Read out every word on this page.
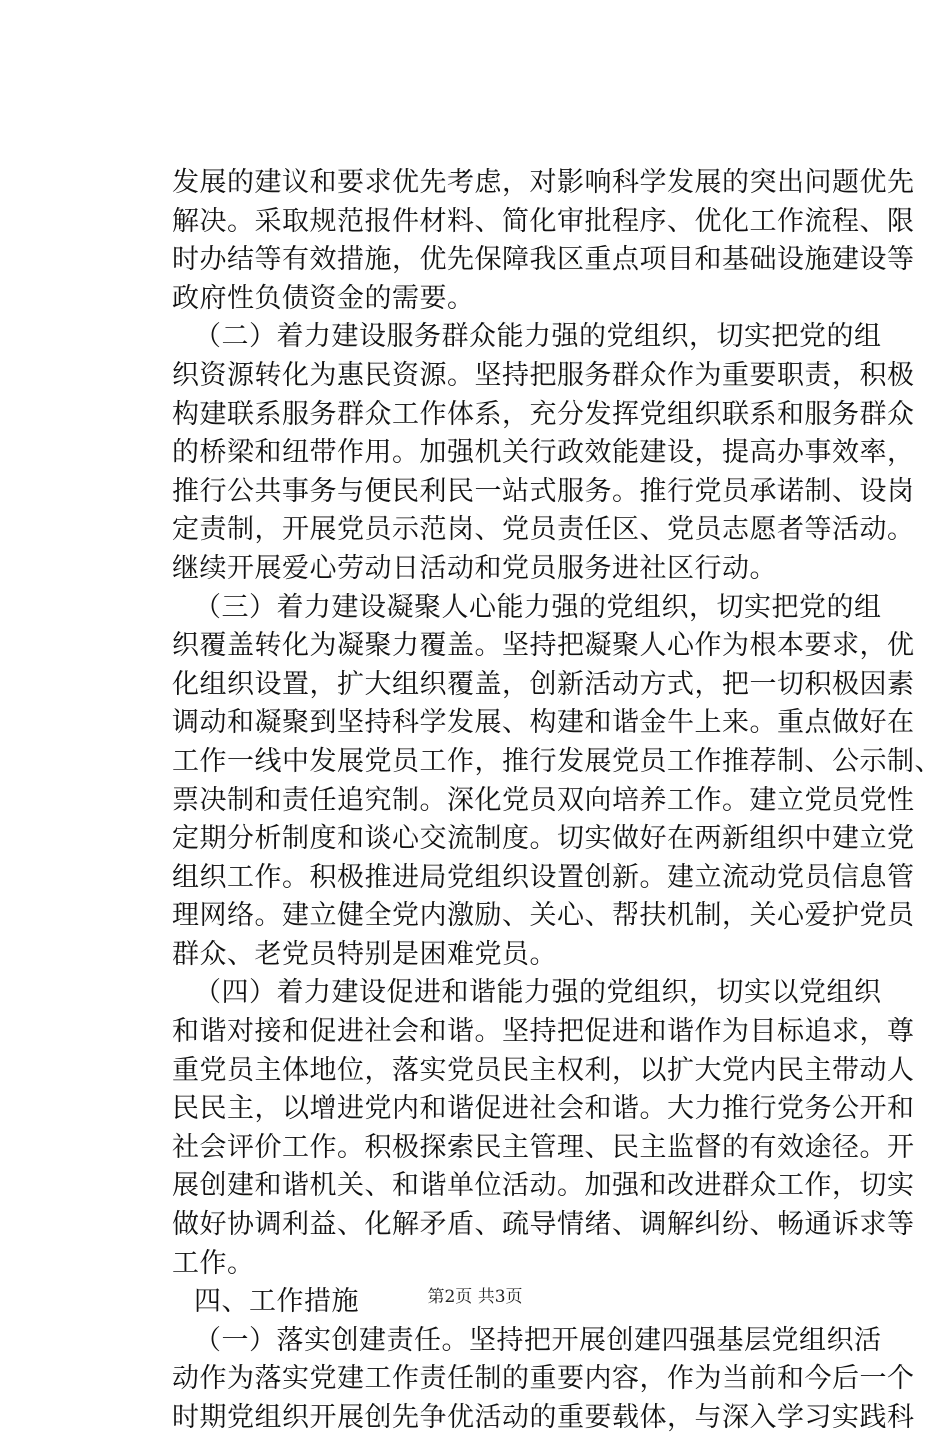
发展的建议和要求优先考虑，对影响科学发展的突出问题优先
解决。采取规范报件材料、简化审批程序、优化工作流程、限
时办结等有效措施，优先保障我区重点项目和基础设施建设等
政府性负债资金的需要。
（二）着力建设服务群众能力强的党组织，切实把党的组
织资源转化为惠民资源。坚持把服务群众作为重要职责，积极
构建联系服务群众工作体系，充分发挥党组织联系和服务群众
的桥梁和纽带作用。加强机关行政效能建设，提高办事效率，
推行公共事务与便民利民一站式服务。推行党员承诺制、设岗
定责制，开展党员示范岗、党员责任区、党员志愿者等活动。
继续开展爱心劳动日活动和党员服务进社区行动。
（三）着力建设凝聚人心能力强的党组织，切实把党的组
织覆盖转化为凝聚力覆盖。坚持把凝聚人心作为根本要求，优
化组织设置，扩大组织覆盖，创新活动方式，把一切积极因素
调动和凝聚到坚持科学发展、构建和谐金牛上来。重点做好在
工作一线中发展党员工作，推行发展党员工作推荐制、公示制、
票决制和责任追究制。深化党员双向培养工作。建立党员党性
定期分析制度和谈心交流制度。切实做好在两新组织中建立党
组织工作。积极推进局党组织设置创新。建立流动党员信息管
理网络。建立健全党内激励、关心、帮扶机制，关心爱护党员
群众、老党员特别是困难党员。
（四）着力建设促进和谐能力强的党组织，切实以党组织
和谐对接和促进社会和谐。坚持把促进和谐作为目标追求，尊
重党员主体地位，落实党员民主权利，以扩大党内民主带动人
民民主，以增进党内和谐促进社会和谐。大力推行党务公开和
社会评价工作。积极探索民主管理、民主监督的有效途径。开
展创建和谐机关、和谐单位活动。加强和改进群众工作，切实
做好协调利益、化解矛盾、疏导情绪、调解纠纷、畅通诉求等
工作。
四、工作措施
（一）落实创建责任。坚持把开展创建四强基层党组织活
动作为落实党建工作责任制的重要内容，作为当前和今后一个
时期党组织开展创先争优活动的重要载体，与深入学习实践科
第2页 共3页
